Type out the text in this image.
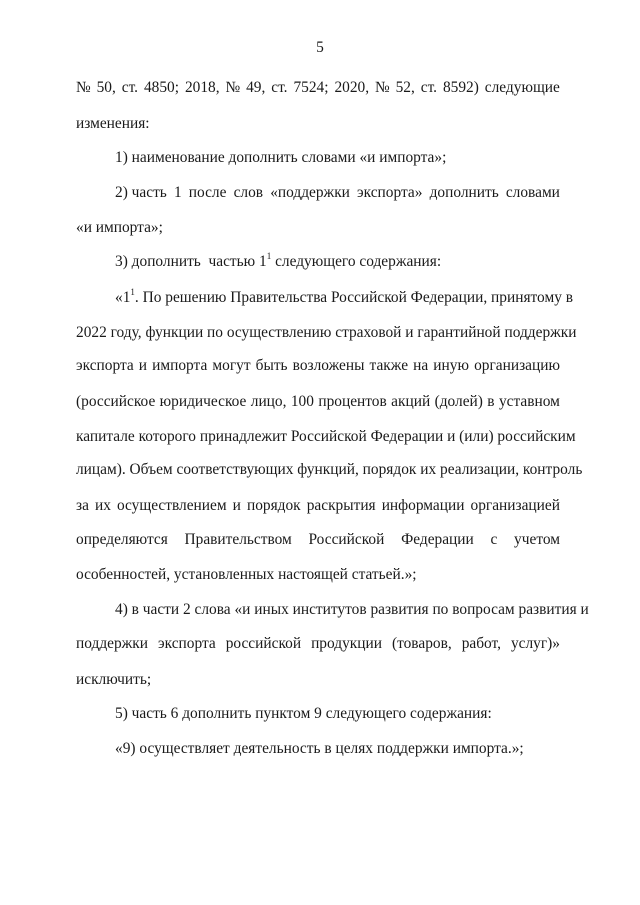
5
№ 50, ст. 4850; 2018, № 49, ст. 7524; 2020, № 52, ст. 8592) следующие
изменения:
1) наименование дополнить словами «и импорта»;
2) часть 1 после слов «поддержки экспорта» дополнить словами
«и импорта»;
3) дополнить  частью $1^1$ следующего содержания:
«$1^1$. По решению Правительства Российской Федерации, принятому в
2022 году, функции по осуществлению страховой и гарантийной поддержки
экспорта и импорта могут быть возложены также на иную организацию
(российское юридическое лицо, 100 процентов акций (долей) в уставном
капитале которого принадлежит Российской Федерации и (или) российским
лицам). Объем соответствующих функций, порядок их реализации, контроль
за их осуществлением и порядок раскрытия информации организацией
определяются Правительством Российской Федерации с учетом
особенностей, установленных настоящей статьей.»;
4) в части 2 слова «и иных институтов развития по вопросам развития и
поддержки экспорта российской продукции (товаров, работ, услуг)»
исключить;
5) часть 6 дополнить пунктом 9 следующего содержания:
«9) осуществляет деятельность в целях поддержки импорта.»;
